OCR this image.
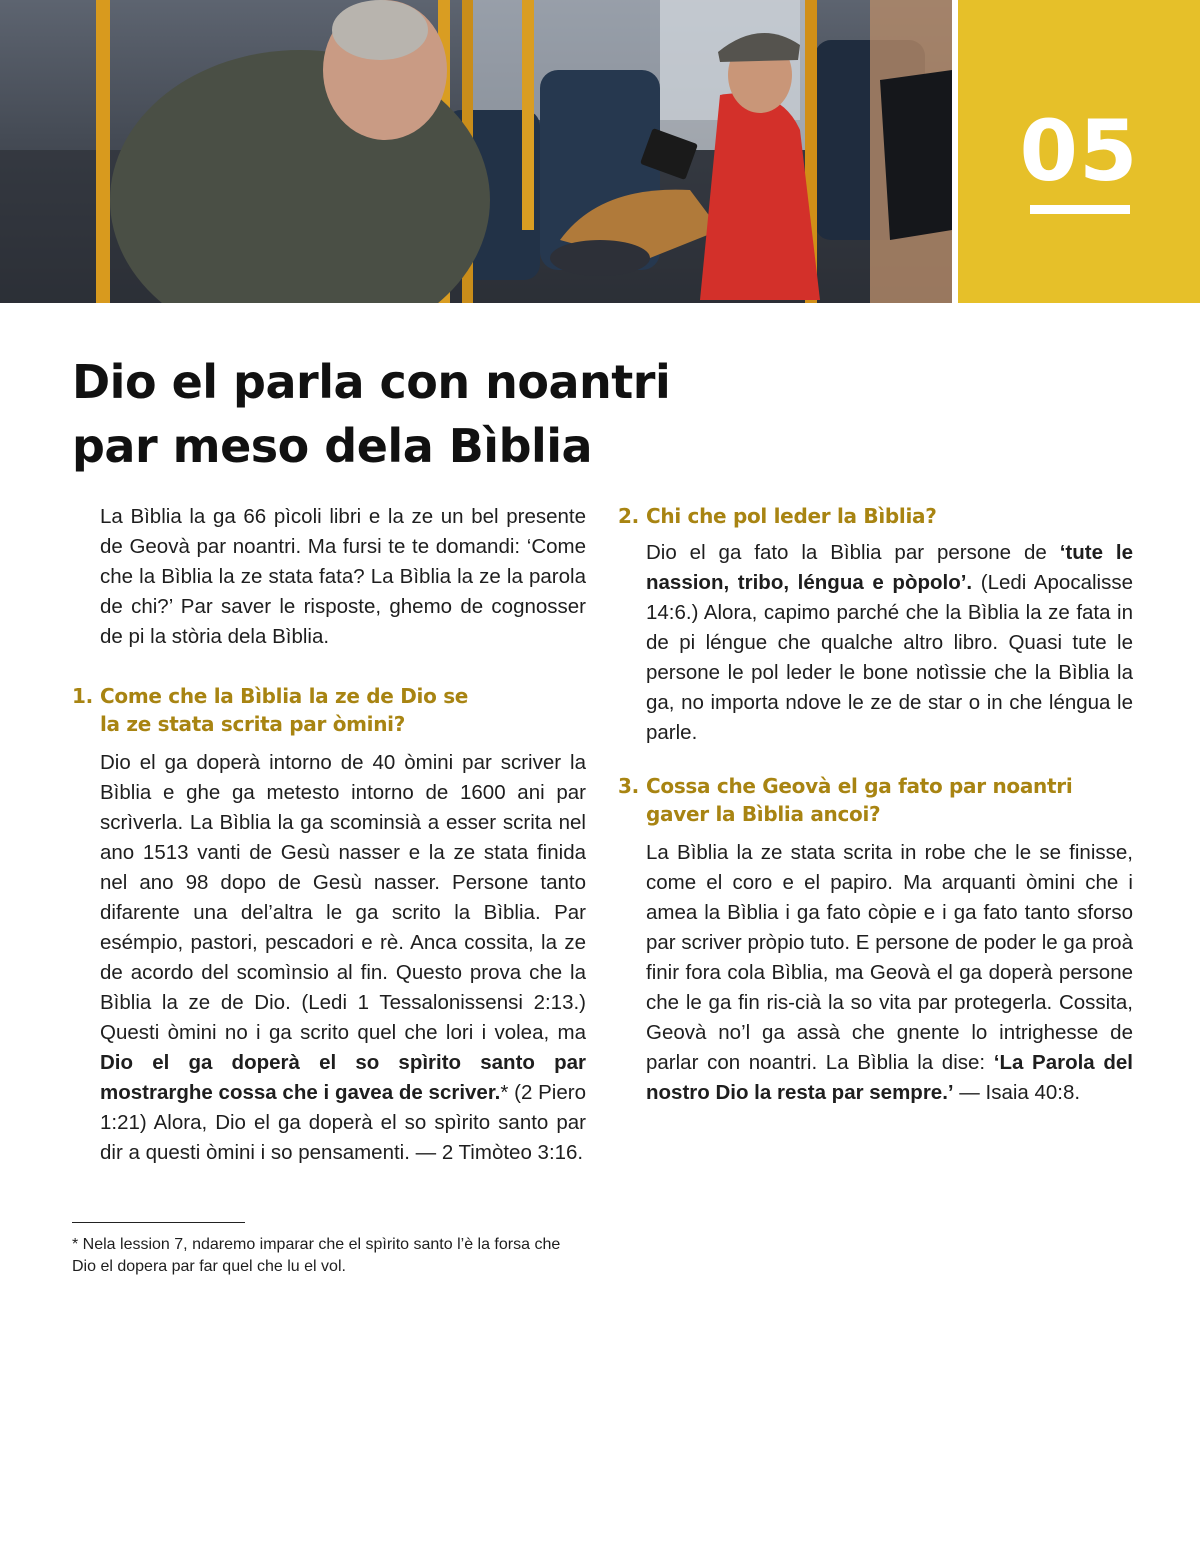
05
Dio el parla con noantri
par meso dela Bìblia

La Bìblia la ga 66 pìcoli libri e la ze un bel presente de Geovà par noantri. Ma fursi te te domandi: ‘Come che la Bìblia la ze stata fata? La Bìblia la ze la parola de chi?’ Par saver le risposte, ghemo de cognosser de pi la stòria dela Bìblia.

1. Come che la Bìblia la ze de Dio se
la ze stata scrita par òmini?

Dio el ga doperà intorno de 40 òmini par scriver la Bìblia e ghe ga metesto intorno de 1600 ani par scrìverla. La Bìblia la ga scominsià a esser scrita nel ano 1513 vanti de Gesù nasser e la ze stata finida nel ano 98 dopo de Gesù nasser. Persone tanto difarente una del’altra le ga scrito la Bìblia. Par esémpio, pastori, pescadori e rè. Anca cossita, la ze de acordo del scomìnsio al fin. Questo prova che la Bìblia la ze de Dio. (Ledi 1 Tessalonissensi 2:13.) Questi òmini no i ga scrito quel che lori i volea, ma Dio el ga doperà el so spìrito santo par mostrarghe cossa che i gavea de scriver.* (2 Piero 1:21) Alora, Dio el ga doperà el so spìrito santo par dir a questi òmini i so pensamenti. — 2 Timòteo 3:16.

* Nela lession 7, ndaremo imparar che el spìrito santo l’è la forsa che Dio el dopera par far quel che lu el vol.

2. Chi che pol leder la Bìblia?

Dio el ga fato la Bìblia par persone de ‘tute le nassion, tribo, léngua e pòpolo’. (Ledi Apocalisse 14:6.) Alora, capimo parché che la Bìblia la ze fata in de pi léngue che qualche altro libro. Quasi tute le persone le pol leder le bone notìssie che la Bìblia la ga, no importa ndove le ze de star o in che léngua le parle.

3. Cossa che Geovà el ga fato par noantri
gaver la Bìblia ancoi?

La Bìblia la ze stata scrita in robe che le se finisse, come el coro e el papiro. Ma arquanti òmini che i amea la Bìblia i ga fato còpie e i ga fato tanto sforso par scriver pròpio tuto. E persone de poder le ga proà finir fora cola Bìblia, ma Geovà el ga doperà persone che le ga fin ris-cià la so vita par protegerla. Cossita, Geovà no’l ga assà che gnente lo intrighesse de parlar con noantri. La Bìblia la dise: ‘La Parola del nostro Dio la resta par sempre.’ — Isaia 40:8.
